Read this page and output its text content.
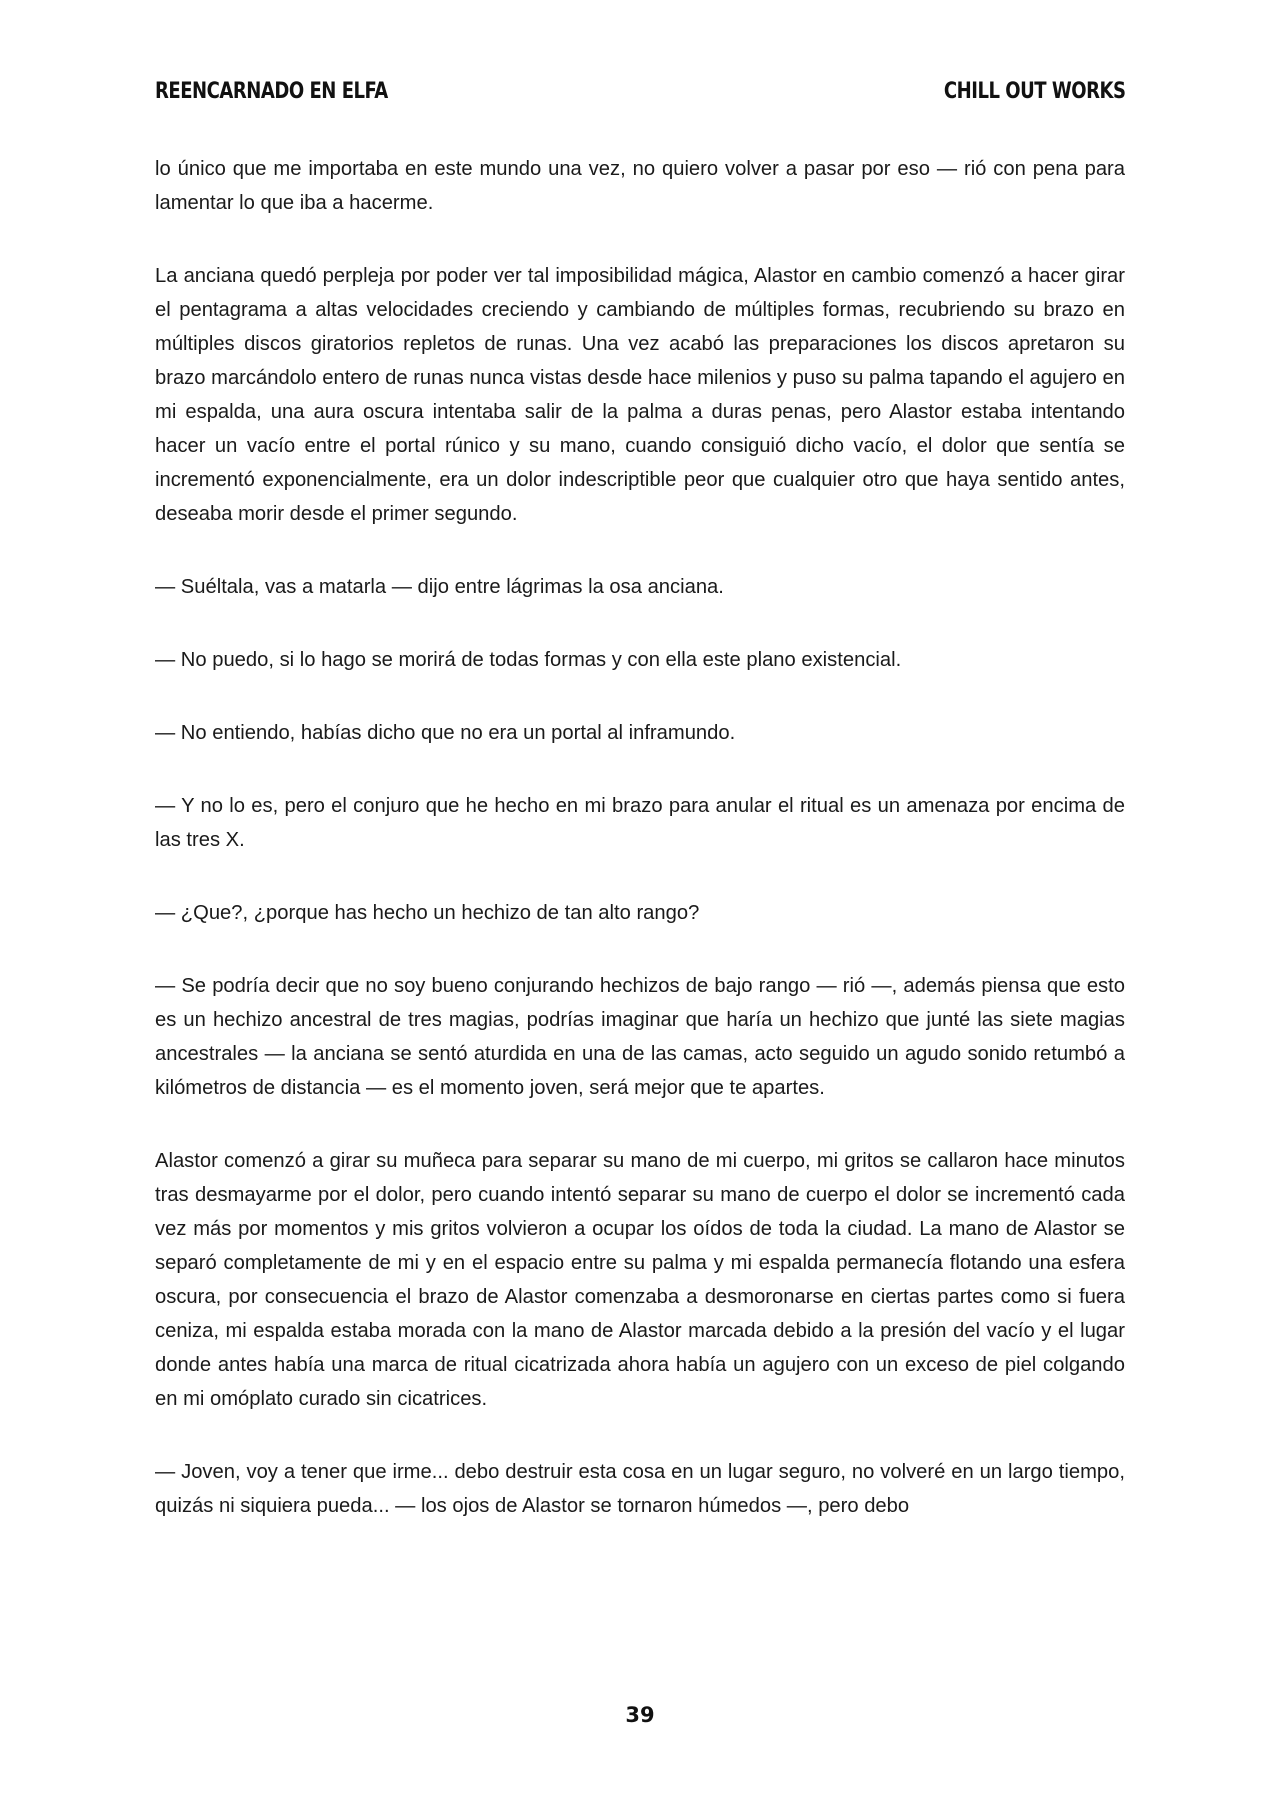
REENCARNADO EN ELFA	CHILL OUT WORKS

lo único que me importaba en este mundo una vez, no quiero volver a pasar por eso — rió con pena para lamentar lo que iba a hacerme.

La anciana quedó perpleja por poder ver tal imposibilidad mágica, Alastor en cambio comenzó a hacer girar el pentagrama a altas velocidades creciendo y cambiando de múltiples formas, recubriendo su brazo en múltiples discos giratorios repletos de runas. Una vez acabó las preparaciones los discos apretaron su brazo marcándolo entero de runas nunca vistas desde hace milenios y puso su palma tapando el agujero en mi espalda, una aura oscura intentaba salir de la palma a duras penas, pero Alastor estaba intentando hacer un vacío entre el portal rúnico y su mano, cuando consiguió dicho vacío, el dolor que sentía se incrementó exponencialmente, era un dolor indescriptible peor que cualquier otro que haya sentido antes, deseaba morir desde el primer segundo.

— Suéltala, vas a matarla — dijo entre lágrimas la osa anciana.

— No puedo, si lo hago se morirá de todas formas y con ella este plano existencial.

— No entiendo, habías dicho que no era un portal al inframundo.

— Y no lo es, pero el conjuro que he hecho en mi brazo para anular el ritual es un amenaza por encima de las tres X.

— ¿Que?, ¿porque has hecho un hechizo de tan alto rango?

— Se podría decir que no soy bueno conjurando hechizos de bajo rango — rió —, además piensa que esto es un hechizo ancestral de tres magias, podrías imaginar que haría un hechizo que junté las siete magias ancestrales — la anciana se sentó aturdida en una de las camas, acto seguido un agudo sonido retumbó a kilómetros de distancia — es el momento joven, será mejor que te apartes.

Alastor comenzó a girar su muñeca para separar su mano de mi cuerpo, mi gritos se callaron hace minutos tras desmayarme por el dolor, pero cuando intentó separar su mano de cuerpo el dolor se incrementó cada vez más por momentos y mis gritos volvieron a ocupar los oídos de toda la ciudad. La mano de Alastor se separó completamente de mi y en el espacio entre su palma y mi espalda permanecía flotando una esfera oscura, por consecuencia el brazo de Alastor comenzaba a desmoronarse en ciertas partes como si fuera ceniza, mi espalda estaba morada con la mano de Alastor marcada debido a la presión del vacío y el lugar donde antes había una marca de ritual cicatrizada ahora había un agujero con un exceso de piel colgando en mi omóplato curado sin cicatrices.

— Joven, voy a tener que irme... debo destruir esta cosa en un lugar seguro, no volveré en un largo tiempo, quizás ni siquiera pueda... — los ojos de Alastor se tornaron húmedos —, pero debo

39
